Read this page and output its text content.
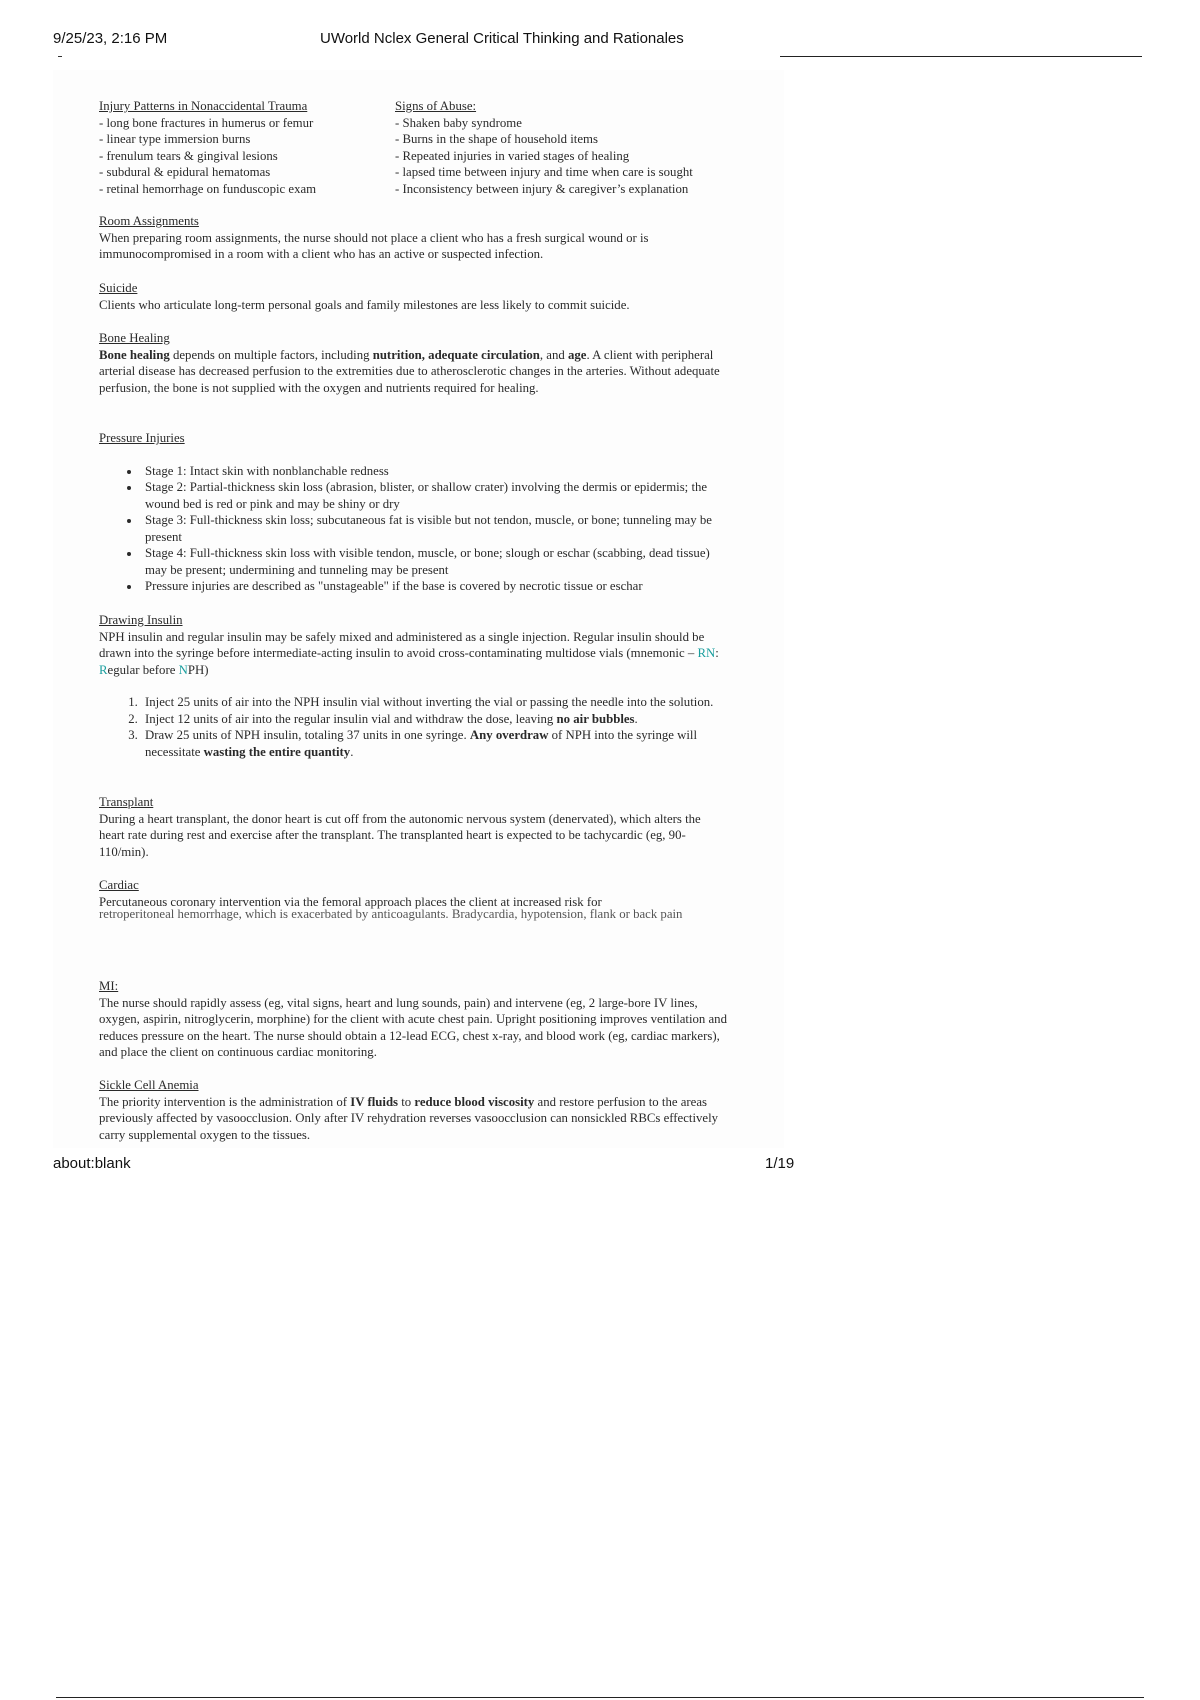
9/25/23, 2:16 PM	UWorld Nclex General Critical Thinking and Rationales
Injury Patterns in Nonaccidental Trauma
- long bone fractures in humerus or femur
- linear type immersion burns
- frenulum tears & gingival lesions
- subdural & epidural hematomas
- retinal hemorrhage on funduscopic exam
Signs of Abuse:
- Shaken baby syndrome
- Burns in the shape of household items
- Repeated injuries in varied stages of healing
- lapsed time between injury and time when care is sought
- Inconsistency between injury & caregiver’s explanation
Room Assignments
When preparing room assignments, the nurse should not place a client who has a fresh surgical wound or is immunocompromised in a room with a client who has an active or suspected infection.
Suicide
Clients who articulate long-term personal goals and family milestones are less likely to commit suicide.
Bone Healing
Bone healing depends on multiple factors, including nutrition, adequate circulation, and age. A client with peripheral arterial disease has decreased perfusion to the extremities due to atherosclerotic changes in the arteries. Without adequate perfusion, the bone is not supplied with the oxygen and nutrients required for healing.
Pressure Injuries
• Stage 1: Intact skin with nonblanchable redness
• Stage 2: Partial-thickness skin loss (abrasion, blister, or shallow crater) involving the dermis or epidermis; the wound bed is red or pink and may be shiny or dry
• Stage 3: Full-thickness skin loss; subcutaneous fat is visible but not tendon, muscle, or bone; tunneling may be present
• Stage 4: Full-thickness skin loss with visible tendon, muscle, or bone; slough or eschar (scabbing, dead tissue) may be present; undermining and tunneling may be present
• Pressure injuries are described as "unstageable" if the base is covered by necrotic tissue or eschar
Drawing Insulin
NPH insulin and regular insulin may be safely mixed and administered as a single injection. Regular insulin should be drawn into the syringe before intermediate-acting insulin to avoid cross-contaminating multidose vials (mnemonic – RN: Regular before NPH)
1. Inject 25 units of air into the NPH insulin vial without inverting the vial or passing the needle into the solution.
2. Inject 12 units of air into the regular insulin vial and withdraw the dose, leaving no air bubbles.
3. Draw 25 units of NPH insulin, totaling 37 units in one syringe. Any overdraw of NPH into the syringe will necessitate wasting the entire quantity.
Transplant
During a heart transplant, the donor heart is cut off from the autonomic nervous system (denervated), which alters the heart rate during rest and exercise after the transplant. The transplanted heart is expected to be tachycardic (eg, 90-110/min).
Cardiac
Percutaneous coronary intervention via the femoral approach places the client at increased risk for
retroperitoneal hemorrhage, which is exacerbated by anticoagulants. Bradycardia, hypotension, flank or back pain
MI:
The nurse should rapidly assess (eg, vital signs, heart and lung sounds, pain) and intervene (eg, 2 large-bore IV lines, oxygen, aspirin, nitroglycerin, morphine) for the client with acute chest pain. Upright positioning improves ventilation and reduces pressure on the heart. The nurse should obtain a 12-lead ECG, chest x-ray, and blood work (eg, cardiac markers), and place the client on continuous cardiac monitoring.
Sickle Cell Anemia
The priority intervention is the administration of IV fluids to reduce blood viscosity and restore perfusion to the areas previously affected by vasoocclusion. Only after IV rehydration reverses vasoocclusion can nonsickled RBCs effectively carry supplemental oxygen to the tissues.
about:blank	1/19
